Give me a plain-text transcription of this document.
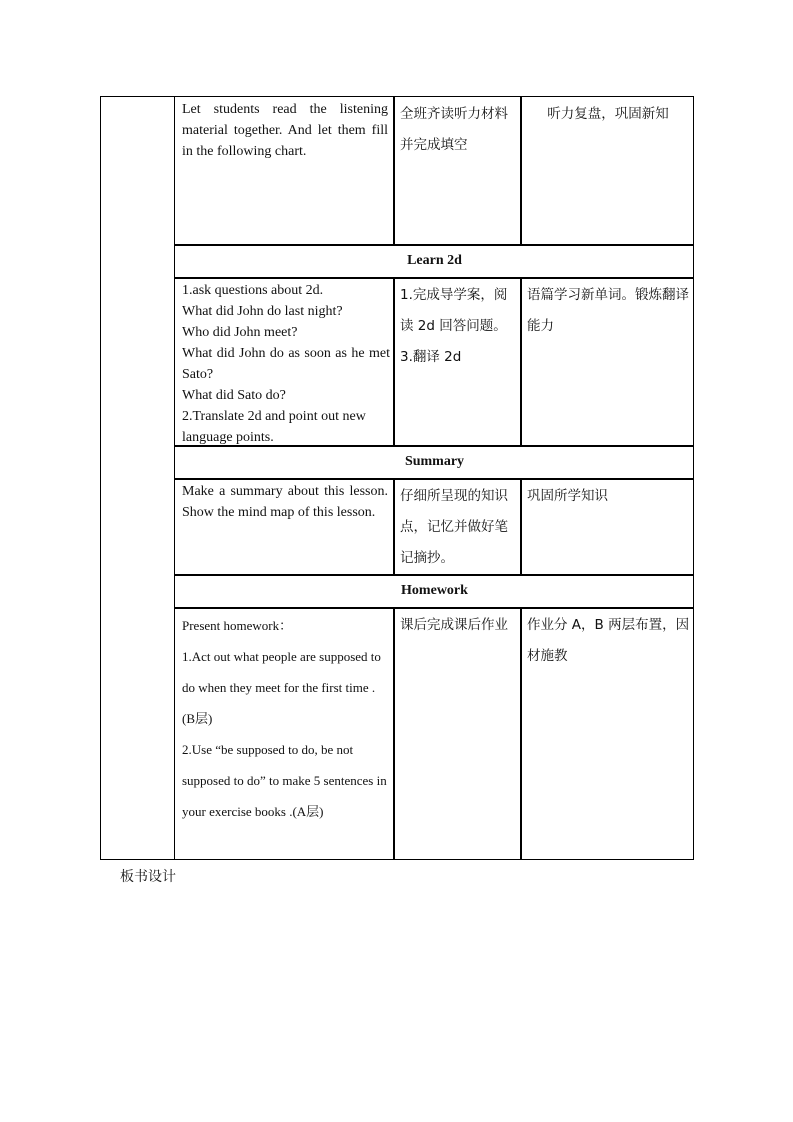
Let students read the listening material together. And let them fill in the following chart.
全班齐读听力材料并完成填空
听力复盘，巩固新知
Learn 2d
1.ask questions about 2d.
What did John do last night?
Who did John meet?
What did John do as soon as he met Sato?
What did Sato do?
2.Translate 2d and point out new language points.
1.完成导学案，阅读 2d 回答问题。
3.翻译 2d
语篇学习新单词。锻炼翻译能力
Summary
Make a summary about this lesson. Show the mind map of this lesson.
仔细所呈现的知识点，记忆并做好笔记摘抄。
巩固所学知识
Homework
Present homework：
1.Act out what people are supposed to do when they meet for the first time . (B层)
2.Use “be supposed to do, be not supposed to do” to make 5 sentences in your exercise books .(A层)
课后完成课后作业	作业分 A，B 两层布置，因材施教
板书设计
